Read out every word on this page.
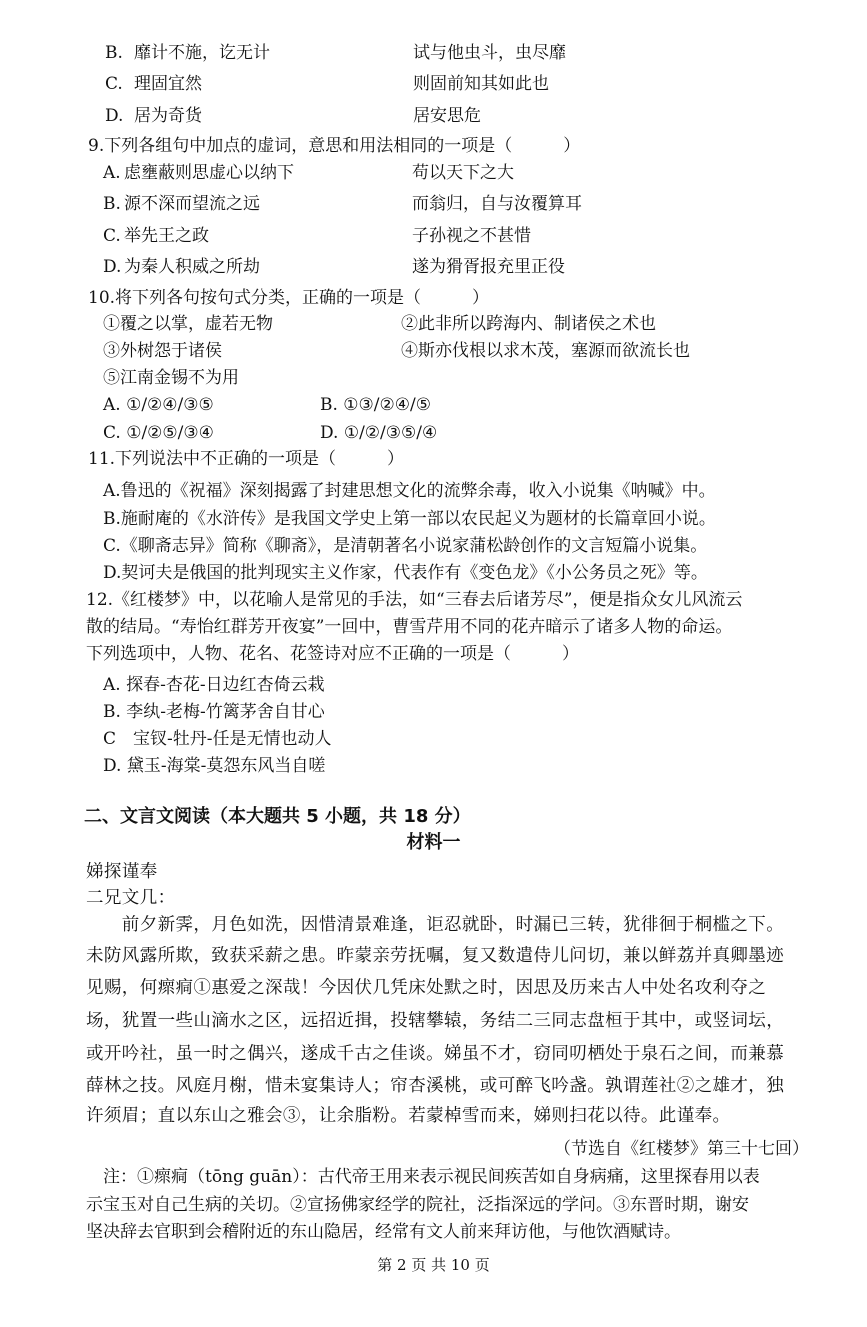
B. 靡计不施，讫无计	试与他虫斗，虫尽靡
C. 理固宜然	则固前知其如此也
D. 居为奇货	居安思危
9.下列各组句中加点的虚词，意思和用法相同的一项是（　　　）
A. 虑壅蔽则思虚心以纳下	苟以天下之大
B. 源不深而望流之远	而翁归，自与汝覆算耳
C. 举先王之政	子孙视之不甚惜
D. 为秦人积威之所劫	遂为猾胥报充里正役
10.将下列各句按句式分类，正确的一项是（　　　）
①覆之以掌，虚若无物	②此非所以跨海内、制诸侯之术也
③外树怨于诸侯	④斯亦伐根以求木茂，塞源而欲流长也
⑤江南金锡不为用
A. ①/②④/③⑤	B. ①③/②④/⑤
C. ①/②⑤/③④	D. ①/②/③⑤/④
11.下列说法中不正确的一项是（　　　）
A.鲁迅的《祝福》深刻揭露了封建思想文化的流弊余毒，收入小说集《呐喊》中。
B.施耐庵的《水浒传》是我国文学史上第一部以农民起义为题材的长篇章回小说。
C.《聊斋志异》简称《聊斋》，是清朝著名小说家蒲松龄创作的文言短篇小说集。
D.契诃夫是俄国的批判现实主义作家，代表作有《变色龙》《小公务员之死》等。
12.《红楼梦》中，以花喻人是常见的手法，如“三春去后诸芳尽”，便是指众女儿风流云
散的结局。“寿怡红群芳开夜宴”一回中，曹雪芹用不同的花卉暗示了诸多人物的命运。
下列选项中，人物、花名、花签诗对应不正确的一项是（　　　）
A. 探春-杏花-日边红杏倚云栽
B. 李纨-老梅-竹篱茅舍自甘心
C　宝钗-牡丹-任是无情也动人
D. 黛玉-海棠-莫怨东风当自嗟
二、文言文阅读（本大题共 5 小题，共 18 分）
材料一
娣探谨奉
二兄文几：
　　前夕新霁，月色如洗，因惜清景难逢，讵忍就卧，时漏已三转，犹徘徊于桐槛之下。
未防风露所欺，致获采薪之患。昨蒙亲劳抚嘱，复又数遣侍儿问切，兼以鲜荔并真卿墨迹
见赐，何瘝痌①惠爱之深哉！今因伏几凭床处默之时，因思及历来古人中处名攻利夺之
场，犹置一些山滴水之区，远招近揖，投辖攀辕，务结二三同志盘桓于其中，或竖词坛，
或开吟社，虽一时之偶兴，遂成千古之佳谈。娣虽不才，窃同叨栖处于泉石之间，而兼慕
薛林之技。风庭月榭，惜未宴集诗人；帘杏溪桃，或可醉飞吟盏。孰谓莲社②之雄才，独
许须眉；直以东山之雅会③，让余脂粉。若蒙棹雪而来，娣则扫花以待。此谨奉。
（节选自《红楼梦》第三十七回）
　注：①瘝痌（tōng guān）：古代帝王用来表示视民间疾苦如自身病痛，这里探春用以表
示宝玉对自己生病的关切。②宣扬佛家经学的院社，泛指深远的学问。③东晋时期，谢安
坚决辞去官职到会稽附近的东山隐居，经常有文人前来拜访他，与他饮酒赋诗。
第 2 页 共 10 页
